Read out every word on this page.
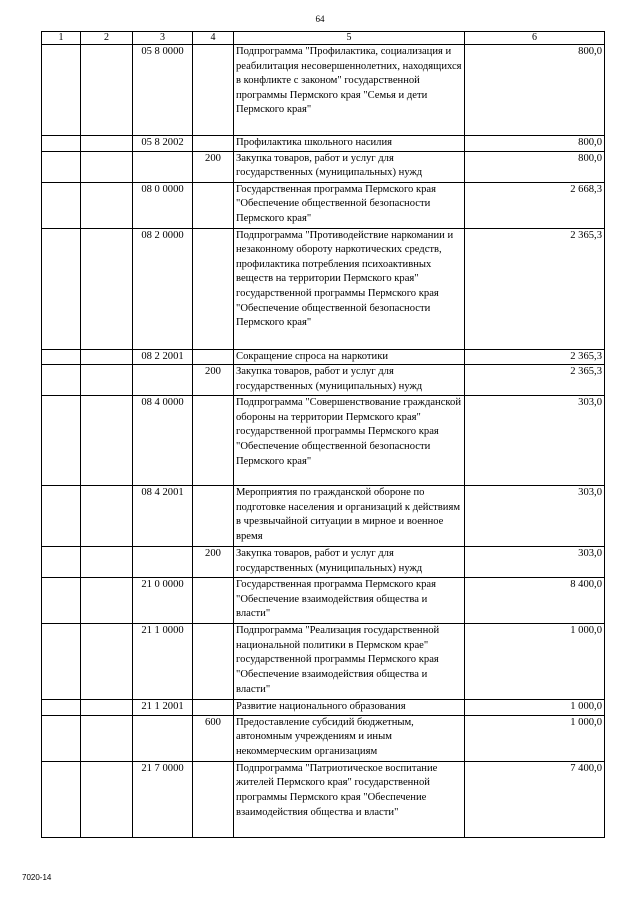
64
1	2	3	4	5	6
		05 8 0000		Подпрограмма "Профилактика, социализация и реабилитация несовершеннолетних, находящихся в конфликте с законом" государственной программы Пермского края "Семья и дети Пермского края"	800,0
		05 8 2002		Профилактика школьного насилия	800,0
			200	Закупка товаров, работ и услуг для государственных (муниципальных) нужд	800,0
		08 0 0000		Государственная программа Пермского края "Обеспечение общественной безопасности Пермского края"	2 668,3
		08 2 0000		Подпрограмма "Противодействие наркомании и незаконному обороту наркотических средств, профилактика потребления психоактивных веществ на территории Пермского края" государственной программы Пермского края "Обеспечение общественной безопасности Пермского края"	2 365,3
		08 2 2001		Сокращение спроса на наркотики	2 365,3
			200	Закупка товаров, работ и услуг для государственных (муниципальных) нужд	2 365,3
		08 4 0000		Подпрограмма "Совершенствование гражданской обороны на территории Пермского края" государственной программы Пермского края "Обеспечение общественной безопасности Пермского края"	303,0
		08 4 2001		Мероприятия по гражданской обороне по подготовке населения и организаций к действиям в чрезвычайной ситуации в мирное и военное время	303,0
			200	Закупка товаров, работ и услуг для государственных (муниципальных) нужд	303,0
		21 0 0000		Государственная программа Пермского края "Обеспечение взаимодействия общества и власти"	8 400,0
		21 1 0000		Подпрограмма "Реализация государственной национальной политики в Пермском крае" государственной программы Пермского края "Обеспечение взаимодействия общества и власти"	1 000,0
		21 1 2001		Развитие национального образования	1 000,0
			600	Предоставление субсидий бюджетным, автономным учреждениям и иным некоммерческим организациям	1 000,0
		21 7 0000		Подпрограмма "Патриотическое воспитание жителей Пермского края" государственной программы Пермского края "Обеспечение взаимодействия общества и власти"	7 400,0
7020-14
